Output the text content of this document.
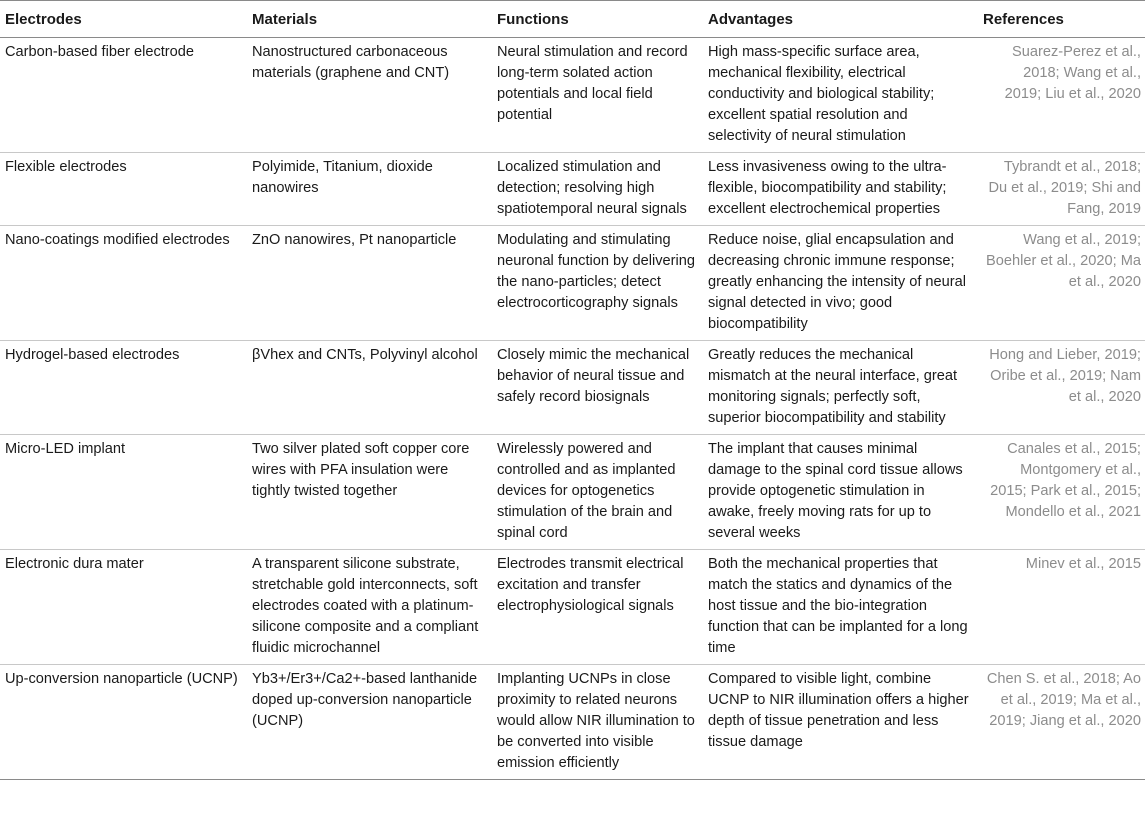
Electrodes	Materials	Functions	Advantages	References
Carbon-based fiber electrode	Nanostructured carbonaceous materials (graphene and CNT)	Neural stimulation and record long-term solated action potentials and local field potential	High mass-specific surface area, mechanical flexibility, electrical conductivity and biological stability; excellent spatial resolution and selectivity of neural stimulation	Suarez-Perez et al., 2018; Wang et al., 2019; Liu et al., 2020
Flexible electrodes	Polyimide, Titanium, dioxide nanowires	Localized stimulation and detection; resolving high spatiotemporal neural signals	Less invasiveness owing to the ultra-flexible, biocompatibility and stability; excellent electrochemical properties	Tybrandt et al., 2018; Du et al., 2019; Shi and Fang, 2019
Nano-coatings modified electrodes	ZnO nanowires, Pt nanoparticle	Modulating and stimulating neuronal function by delivering the nano-particles; detect electrocorticography signals	Reduce noise, glial encapsulation and decreasing chronic immune response; greatly enhancing the intensity of neural signal detected in vivo; good biocompatibility	Wang et al., 2019; Boehler et al., 2020; Ma et al., 2020
Hydrogel-based electrodes	βVhex and CNTs, Polyvinyl alcohol	Closely mimic the mechanical behavior of neural tissue and safely record biosignals	Greatly reduces the mechanical mismatch at the neural interface, great monitoring signals; perfectly soft, superior biocompatibility and stability	Hong and Lieber, 2019; Oribe et al., 2019; Nam et al., 2020
Micro-LED implant	Two silver plated soft copper core wires with PFA insulation were tightly twisted together	Wirelessly powered and controlled and as implanted devices for optogenetics stimulation of the brain and spinal cord	The implant that causes minimal damage to the spinal cord tissue allows provide optogenetic stimulation in awake, freely moving rats for up to several weeks	Canales et al., 2015; Montgomery et al., 2015; Park et al., 2015; Mondello et al., 2021
Electronic dura mater	A transparent silicone substrate, stretchable gold interconnects, soft electrodes coated with a platinum-silicone composite and a compliant fluidic microchannel	Electrodes transmit electrical excitation and transfer electrophysiological signals	Both the mechanical properties that match the statics and dynamics of the host tissue and the bio-integration function that can be implanted for a long time	Minev et al., 2015
Up-conversion nanoparticle (UCNP)	Yb3+/Er3+/Ca2+-based lanthanide doped up-conversion nanoparticle (UCNP)	Implanting UCNPs in close proximity to related neurons would allow NIR illumination to be converted into visible emission efficiently	Compared to visible light, combine UCNP to NIR illumination offers a higher depth of tissue penetration and less tissue damage	Chen S. et al., 2018; Ao et al., 2019; Ma et al., 2019; Jiang et al., 2020
